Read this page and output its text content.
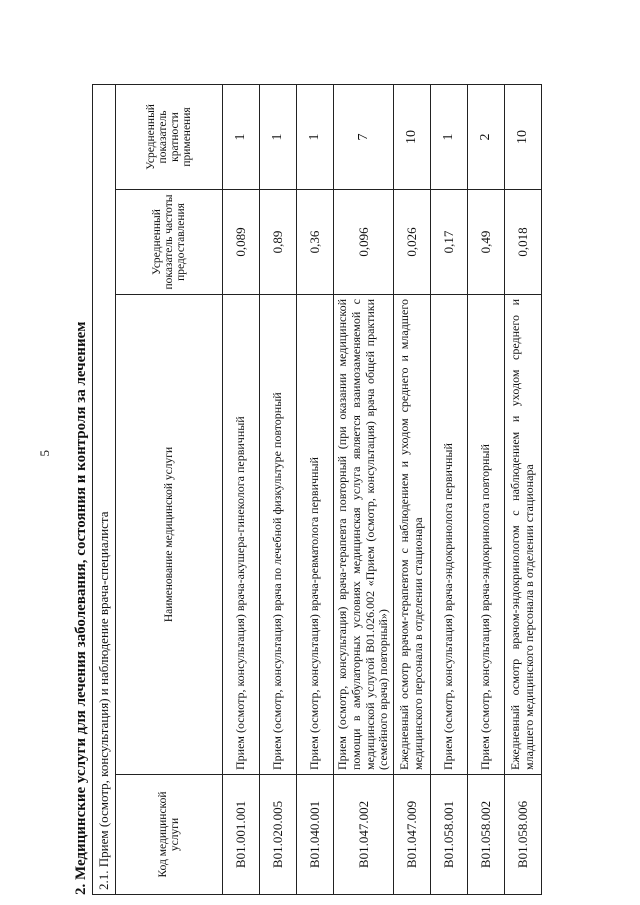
5 2. Медицинские услуги для лечения заболевания, состояния и контроля за лечением 2.1. Прием (осмотр, консультация) и наблюдение врача-специалиста			
Код медицинской услуги	Наименование медицинской услуги	Усредненный показатель частоты предоставления	Усредненный показатель кратности применения
B01.001.001	Прием (осмотр, консультация) врача-акушера-гинеколога первичный	0,089	1
B01.020.005	Прием (осмотр, консультация) врача по лечебной физкультуре повторный	0,89	1
B01.040.001	Прием (осмотр, консультация) врача-ревматолога первичный	0,36	1
B01.047.002	Прием (осмотр, консультация) врача-терапевта повторный (при оказании медицинской помощи в амбулаторных условиях медицинская услуга является взаимозаменяемой с медицинской услугой B01.026.002 «Прием (осмотр, консультация) врача общей практики (семейного врача) повторный»)	0,096	7
B01.047.009	Ежедневный осмотр врачом-терапевтом с наблюдением и уходом среднего и младшего медицинского персонала в отделении стационара	0,026	10
B01.058.001	Прием (осмотр, консультация) врача-эндокринолога первичный	0,17	1
B01.058.002	Прием (осмотр, консультация) врача-эндокринолога повторный	0,49	2
B01.058.006	Ежедневный осмотр врачом-эндокринологом с наблюдением и уходом среднего и младшего медицинского персонала в отделении стационара	0,018	10
